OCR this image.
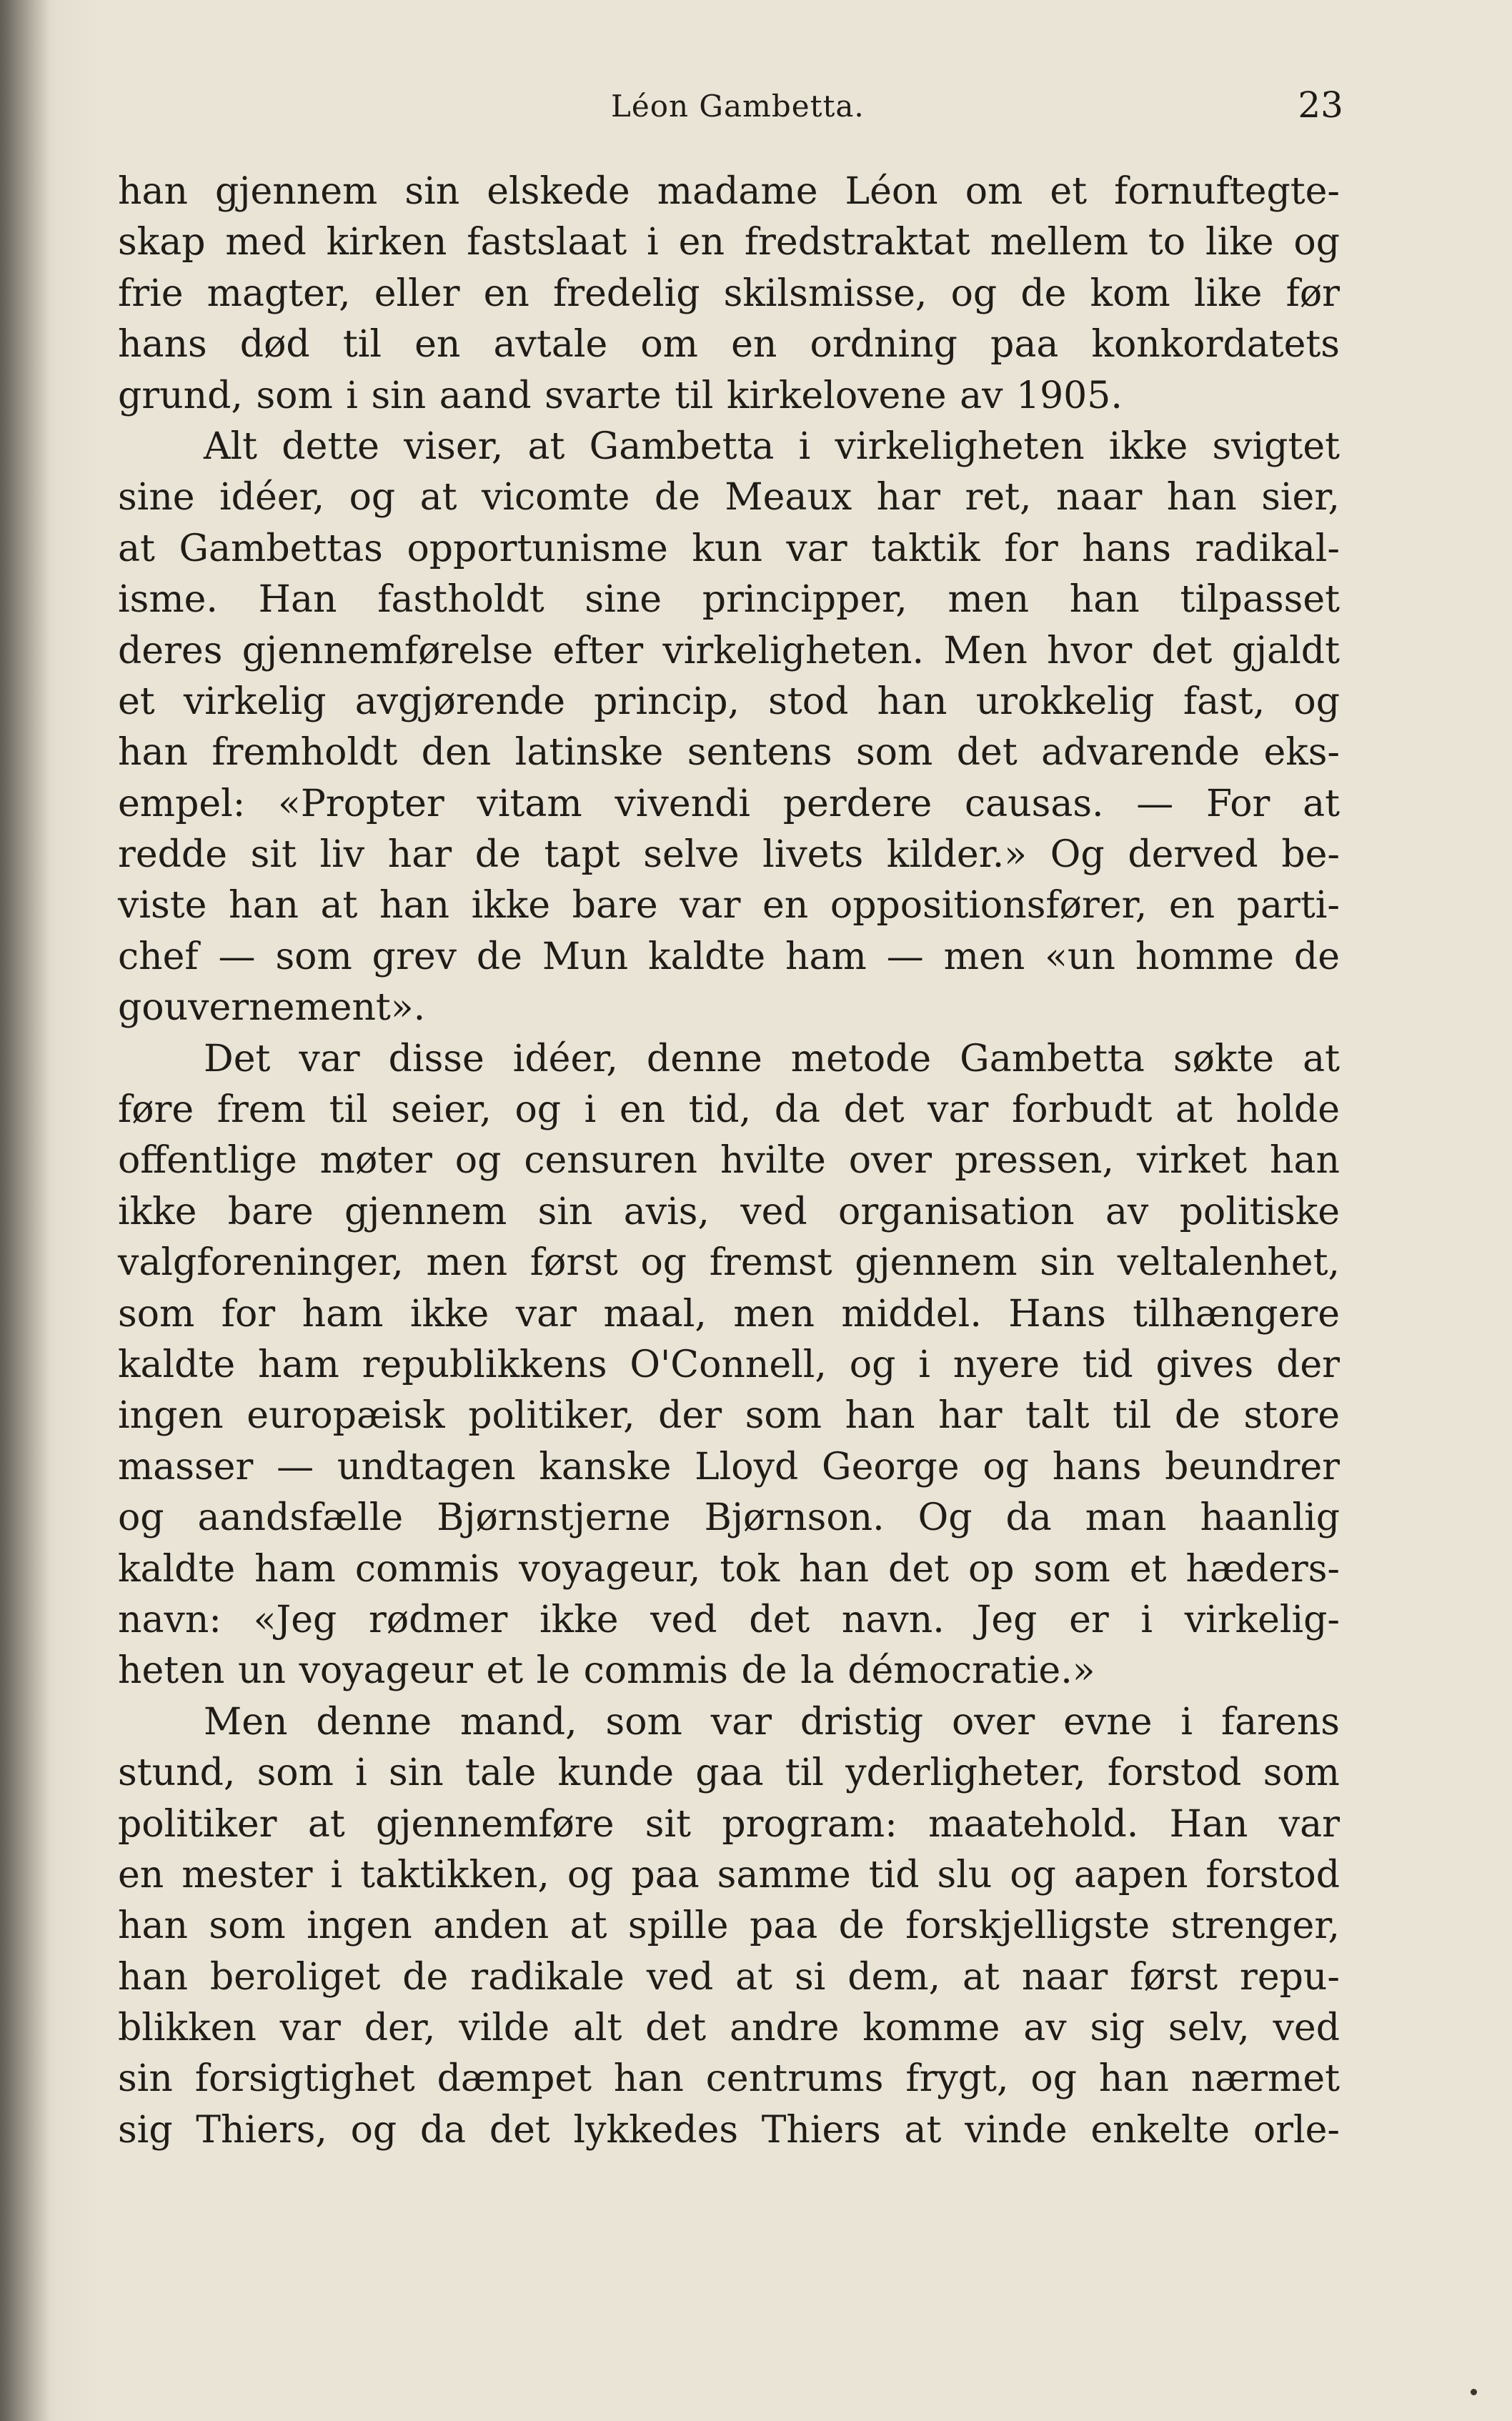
Léon Gambetta.	23
han gjennem sin elskede madame Léon om et fornuftegte-
skap med kirken fastslaat i en fredstraktat mellem to like og
frie magter, eller en fredelig skilsmisse, og de kom like før
hans død til en avtale om en ordning paa konkordatets
grund, som i sin aand svarte til kirkelovene av 1905.
Alt dette viser, at Gambetta i virkeligheten ikke svigtet
sine idéer, og at vicomte de Meaux har ret, naar han sier,
at Gambettas opportunisme kun var taktik for hans radikal-
isme. Han fastholdt sine principper, men han tilpasset
deres gjennemførelse efter virkeligheten. Men hvor det gjaldt
et virkelig avgjørende princip, stod han urokkelig fast, og
han fremholdt den latinske sentens som det advarende eks-
empel: «Propter vitam vivendi perdere causas. — For at
redde sit liv har de tapt selve livets kilder.» Og derved be-
viste han at han ikke bare var en oppositionsfører, en parti-
chef — som grev de Mun kaldte ham — men «un homme de
gouvernement».
Det var disse idéer, denne metode Gambetta søkte at
føre frem til seier, og i en tid, da det var forbudt at holde
offentlige møter og censuren hvilte over pressen, virket han
ikke bare gjennem sin avis, ved organisation av politiske
valgforeninger, men først og fremst gjennem sin veltalenhet,
som for ham ikke var maal, men middel. Hans tilhængere
kaldte ham republikkens O'Connell, og i nyere tid gives der
ingen europæisk politiker, der som han har talt til de store
masser — undtagen kanske Lloyd George og hans beundrer
og aandsfælle Bjørnstjerne Bjørnson. Og da man haanlig
kaldte ham commis voyageur, tok han det op som et hæders-
navn: «Jeg rødmer ikke ved det navn. Jeg er i virkelig-
heten un voyageur et le commis de la démocratie.»
Men denne mand, som var dristig over evne i farens
stund, som i sin tale kunde gaa til yderligheter, forstod som
politiker at gjennemføre sit program: maatehold. Han var
en mester i taktikken, og paa samme tid slu og aapen forstod
han som ingen anden at spille paa de forskjelligste strenger,
han beroliget de radikale ved at si dem, at naar først repu-
blikken var der, vilde alt det andre komme av sig selv, ved
sin forsigtighet dæmpet han centrums frygt, og han nærmet
sig Thiers, og da det lykkedes Thiers at vinde enkelte orle-
